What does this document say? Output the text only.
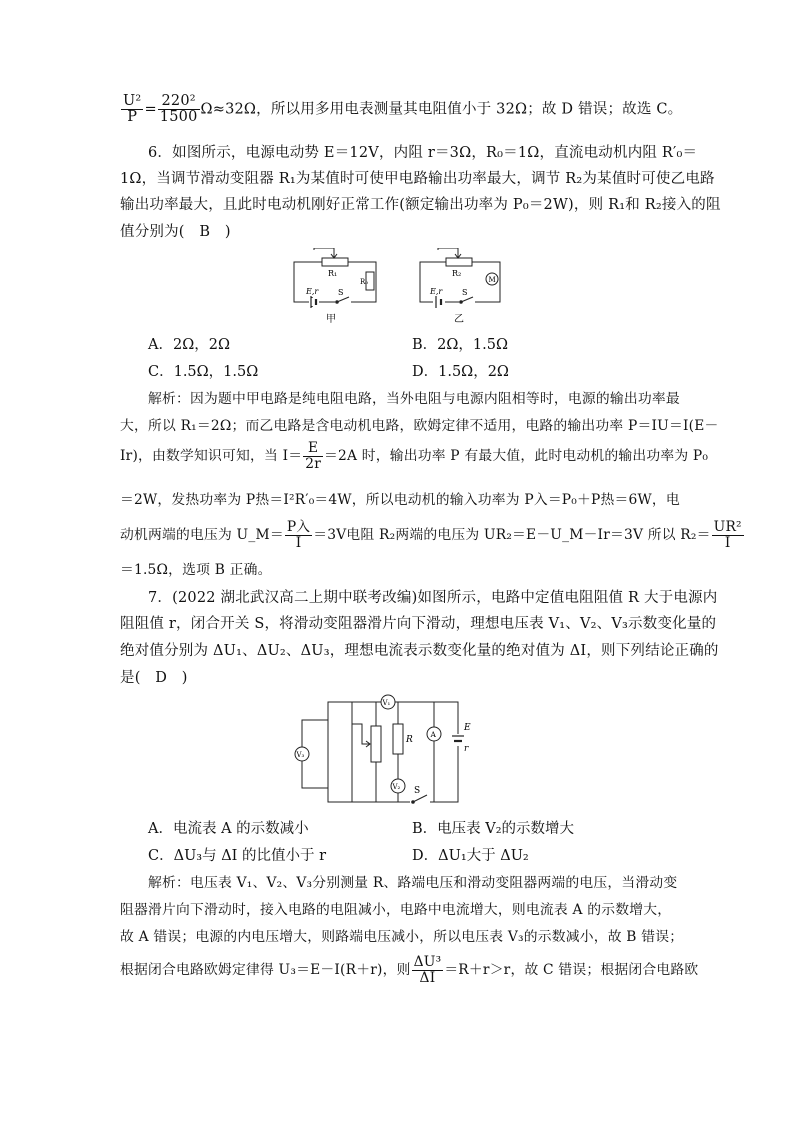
$\frac{\text{U²}}{P} = \frac{\text{220²}}{1500} \Omega\approx 32\Omega$，所以用多用电表测量其电阻值小于 32Ω；故 D 错误；故选 C。
6．如图所示，电源电动势 E＝12V，内阻 r＝3Ω，R₀＝1Ω，直流电动机内阻 R′₀＝
1Ω，当调节滑动变阻器 R₁为某值时可使甲电路输出功率最大，调节 R₂为某值时可使乙电路
输出功率最大，且此时电动机刚好正常工作(额定输出功率为 P₀＝2W)，则 R₁和 R₂接入的阻
值分别为(　B　)
R₁
R₀
E,r S
甲
R₂
M
E,r S
乙
A．2Ω，2Ω	B．2Ω，1.5Ω
C．1.5Ω，1.5Ω	D．1.5Ω，2Ω
解析：因为题中甲电路是纯电阻电路，当外电阻与电源内阻相等时，电源的输出功率最
大，所以 R₁＝2Ω；而乙电路是含电动机电路，欧姆定律不适用，电路的输出功率 P＝IU＝I(E－
Ir)，由数学知识可知，当 $I= \frac{E}{2r} =2A$ 时，输出功率 P 有最大值，此时电动机的输出功率为 P₀
＝2W，发热功率为 P热＝I²R′₀＝4W，所以电动机的输入功率为 P入＝P₀＋P热＝6W，电
动机两端的电压为 U_M＝ $\frac{\text{P入}}{I} =3V$电阻 R₂两端的电压为 UR₂＝E－U_M－Ir＝3V 所以 $R_2= \frac{\text{UR²}}{I}$
＝1.5Ω，选项 B 正确。
7．(2022 湖北武汉高二上期中联考改编)如图所示，电路中定值电阻阻值 R 大于电源内
阻阻值 r，闭合开关 S，将滑动变阻器滑片向下滑动，理想电压表 V₁、V₂、V₃示数变化量的
绝对值分别为 ΔU₁、ΔU₂、ΔU₃，理想电流表示数变化量的绝对值为 ΔI，则下列结论正确的
是(　D　)
V₁
V₃
A
V₂
R
E
r
S
A．电流表 A 的示数减小	B．电压表 V₂的示数增大
C．ΔU₃与 ΔI 的比值小于 r	D．ΔU₁大于 ΔU₂
解析：电压表 V₁、V₂、V₃分别测量 R、路端电压和滑动变阻器两端的电压，当滑动变
阻器滑片向下滑动时，接入电路的电阻减小，电路中电流增大，则电流表 A 的示数增大，
故 A 错误；电源的内电压增大，则路端电压减小，所以电压表 V₃的示数减小，故 B 错误；
根据闭合电路欧姆定律得 U₃＝E－I(R＋r)，则 $\frac{\text{ΔU³}}{\Delta I} =R+r>r$，故 C 错误；根据闭合电路欧
